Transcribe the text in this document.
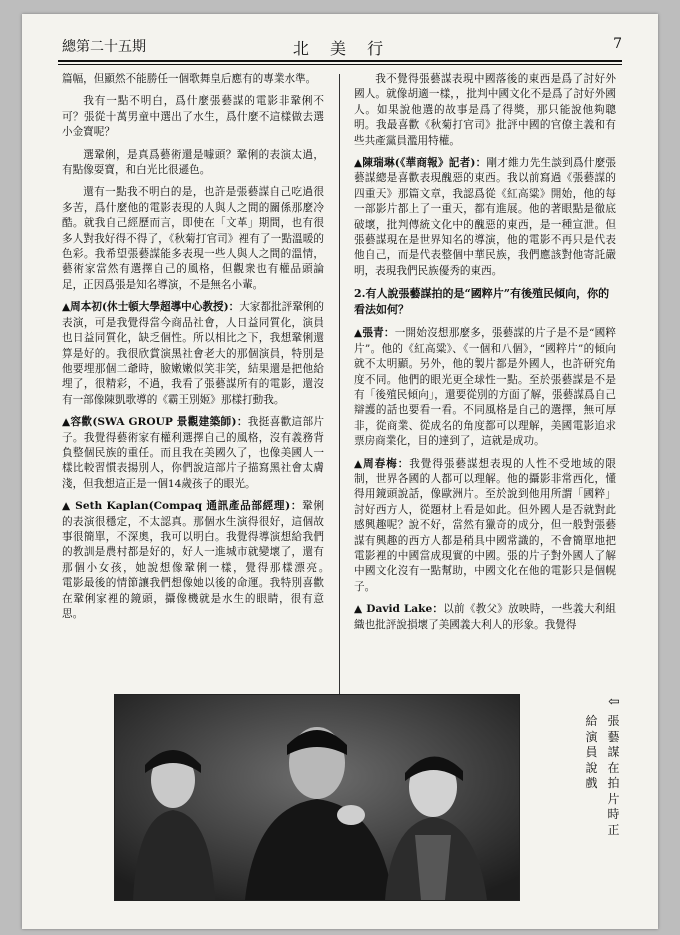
總第二十五期	北 美 行	7

篇幅，但顯然不能勝任一個歌舞皇后應有的專業水準。

我有一點不明白，爲什麼張藝謀的電影非鞏俐不可？張從十萬男童中選出了水生，爲什麼不這樣做去選小金寶呢？

選鞏俐，是真爲藝術還是噱頭？鞏俐的表演太過，有點像耍寶，和白光比很遜色。

還有一點我不明白的是，也許是張藝謀自己吃過很多苦，爲什麼他的電影表現的人與人之間的關係那麼冷酷。就我自己經歷而言，即使在「文革」期間，也有很多人對我好得不得了，《秋菊打官司》裡有了一點溫暖的色彩。我希望張藝謀能多表現一些人與人之間的溫情，藝術家當然有選擇自己的風格，但觀衆也有權品頭論足，正因爲張是知名導演，不是無名小輩。

▲周本初(休士頓大學超導中心教授)：大家都批評鞏俐的表演，可是我覺得當今商品社會，人日益同質化，演員也日益同質化，缺乏個性。所以相比之下，我想鞏俐還算是好的。我很欣賞演黑社會老大的那個演員，特別是他要埋那個二爺時，臉嫩嫩似笑非笑，結果還是把他給埋了，很精彩，不過，我看了張藝謀所有的電影，還沒有一部像陳凱歌導的《霸王別姬》那樣打動我。

▲容歡(SWA GROUP 景觀建築師)：我挺喜歡這部片子。我覺得藝術家有權利選擇自己的風格，沒有義務背負整個民族的重任。而且我在美國久了，也像美國人一樣比較習慣表揚別人，你們說這部片子描寫黑社會太膚淺，但我想這正是一個14歲孩子的眼光。

▲ Seth Kaplan(Compaq 通訊產品部經理)：鞏俐的表演很穩定，不太認真。那個水生演得很好，這個故事很簡單，不深奧，我可以明白。我覺得導演想給我們的教訓是農村都是好的，好人一進城市就變壞了，還有那個小女孩，她說想像鞏俐一樣，覺得那樣漂亮。　　　電影最後的情節讓我們想像她以後的命運。我特別喜歡在鞏俐家裡的鏡頭，攝像機就是水生的眼睛，很有意思。

我不覺得張藝謀表現中國落後的東西是爲了討好外國人。就像胡適一樣，，批判中國文化不是爲了討好外國人。如果說他選的故事是爲了得獎，那只能說他夠聰明。我最喜歡《秋菊打官司》批評中國的官僚主義和有些共產黨員濫用特權。

▲陳瑞琳(《華商報》記者)：剛才維力先生談到爲什麼張藝謀總是喜歡表現醜惡的東西。我以前寫過《張藝謀的四重天》那篇文章，我認爲從《紅高粱》開始，他的每一部影片都上了一重天，都有進展。他的著眼點是徹底破壞，批判傳統文化中的醜惡的東西，是一種宣泄。但張藝謀現在是世界知名的導演，他的電影不再只是代表他自己，而是代表整個中華民族，我們應該對他寄託嚴明，表現我們民族優秀的東西。

2.有人說張藝謀拍的是“國粹片”有後殖民傾向，你的看法如何？

▲張青：一開始沒想那麼多，張藝謀的片子是不是“國粹片”。他的《紅高粱》、《一個和八個》，“國粹片”的傾向就不太明顯。另外，他的製片都是外國人，也許研究角度不同。他們的眼光更全球性一點。至於張藝謀是不是有「後殖民傾向」，還要從別的方面了解，張藝謀爲自己辯護的話也要看一看。不同風格是自己的選擇，無可厚非，從商業、從成名的角度都可以理解，美國電影追求票房商業化，目的達到了，這就是成功。

▲周春梅：我覺得張藝謀想表現的人性不受地域的限制，世界各國的人都可以理解。他的攝影非常西化，懂得用鏡頭說話，像歐洲片。至於說到他用所謂「國粹」討好西方人，從題材上看是如此。但外國人是否就對此感興趣呢？說不好，當然有獵奇的成分，但一般對張藝謀有興趣的西方人都是稍具中國常識的，不會簡單地把電影裡的中國當成現實的中國。張的片子對外國人了解中國文化沒有一點幫助，中國文化在他的電影只是個幌子。

▲ David Lake：以前《教父》放映時，一些義大利組織也批評說損壞了美國義大利人的形象。我覺得

⇦
張
藝
謀
在
拍
片
時
正
給
演
員
說
戲
